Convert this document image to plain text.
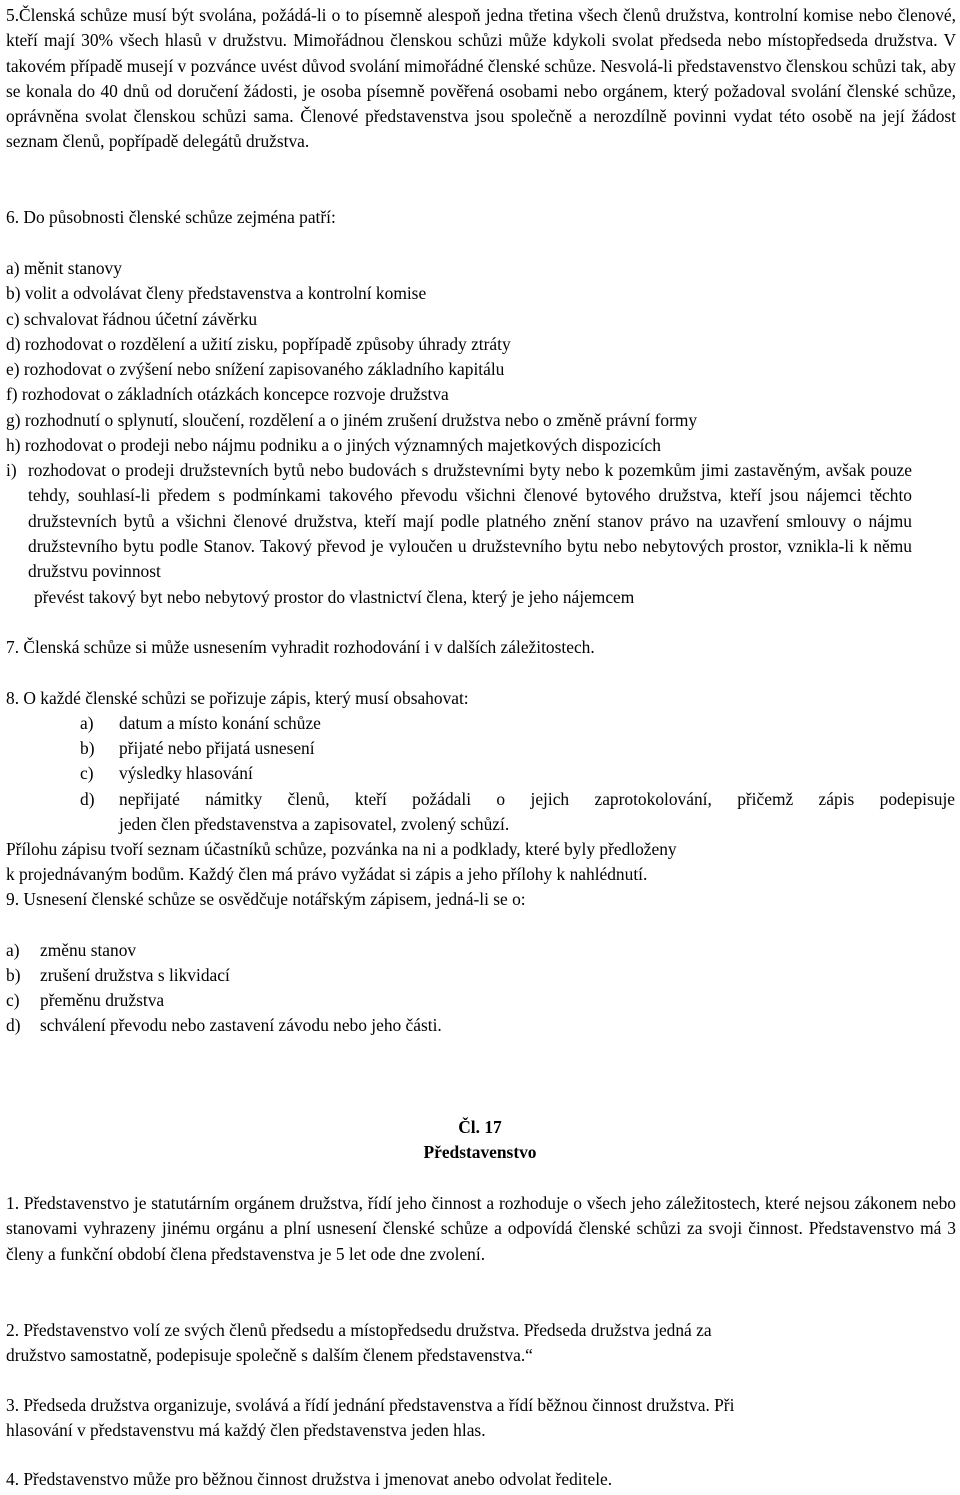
5.Členská schůze musí být svolána, požádá-li o to písemně alespoň jedna třetina všech členů družstva, kontrolní komise nebo členové, kteří mají 30% všech hlasů v družstvu. Mimořádnou členskou schůzi může kdykoli svolat předseda nebo místopředseda družstva. V takovém případě musejí v pozvánce uvést důvod svolání mimořádné členské schůze. Nesvolá-li představenstvo členskou schůzi tak, aby se konala do 40 dnů od doručení žádosti, je osoba písemně pověřená osobami nebo orgánem, který požadoval svolání členské schůze, oprávněna svolat členskou schůzi sama. Členové představenstva jsou společně a nerozdílně povinni vydat této osobě na její žádost seznam členů, popřípadě delegátů družstva.

6. Do působnosti členské schůze zejména patří:
a) měnit stanovy
b) volit a odvolávat členy představenstva a kontrolní komise
c) schvalovat řádnou účetní závěrku
d) rozhodovat o rozdělení a užití zisku, popřípadě způsoby úhrady ztráty
e) rozhodovat o zvýšení nebo snížení zapisovaného základního kapitálu
f) rozhodovat o základních otázkách koncepce rozvoje družstva
g) rozhodnutí o splynutí, sloučení, rozdělení a o jiném zrušení družstva nebo o změně právní formy
h) rozhodovat o prodeji nebo nájmu podniku a o jiných významných majetkových dispozicích
i) rozhodovat o prodeji družstevních bytů nebo budovách s družstevními byty nebo k pozemkům jimi zastavěným, avšak pouze tehdy, souhlasí-li předem s podmínkami takového převodu všichni členové bytového družstva, kteří jsou nájemci těchto družstevních bytů a všichni členové družstva, kteří mají podle platného znění stanov právo na uzavření smlouvy o nájmu družstevního bytu podle Stanov. Takový převod je vyloučen u družstevního bytu nebo nebytových prostor, vznikla-li k němu družstvu povinnost

převést takový byt nebo nebytový prostor do vlastnictví člena, který je jeho nájemcem
7. Členská schůze si může usnesením vyhradit rozhodování i v dalších záležitostech.
8. O každé členské schůzi se pořizuje zápis, který musí obsahovat:
a) datum a místo konání schůze
b) přijaté nebo přijatá usnesení
c) výsledky hlasování
d) nepřijaté námitky členů, kteří požádali o jejich zaprotokolování, přičemž zápis podepisuje
jeden člen představenstva a zapisovatel, zvolený schůzí.
Přílohu zápisu tvoří seznam účastníků schůze, pozvánka na ni a podklady, které byly předloženy
k projednávaným bodům. Každý člen má právo vyžádat si zápis a jeho přílohy k nahlédnutí.
9. Usnesení členské schůze se osvědčuje notářským zápisem, jedná-li se o:
a) změnu stanov
b) zrušení družstva s likvidací
c) přeměnu družstva
d) schválení převodu nebo zastavení závodu nebo jeho části.
Čl. 17
Představenstvo

1. Představenstvo je statutárním orgánem družstva, řídí jeho činnost a rozhoduje o všech jeho záležitostech, které nejsou zákonem nebo stanovami vyhrazeny jinému orgánu a plní usnesení členské schůze a odpovídá členské schůzi za svoji činnost. Představenstvo má 3 členy a funkční období člena představenstva je 5 let ode dne zvolení.

2. Představenstvo volí ze svých členů předsedu a místopředsedu družstva. Předseda družstva jedná za
družstvo samostatně, podepisuje společně s dalším členem představenstva.“
3. Předseda družstva organizuje, svolává a řídí jednání představenstva a řídí běžnou činnost družstva. Při
hlasování v představenstvu má každý člen představenstva jeden hlas.
4. Představenstvo může pro běžnou činnost družstva i jmenovat anebo odvolat ředitele.
